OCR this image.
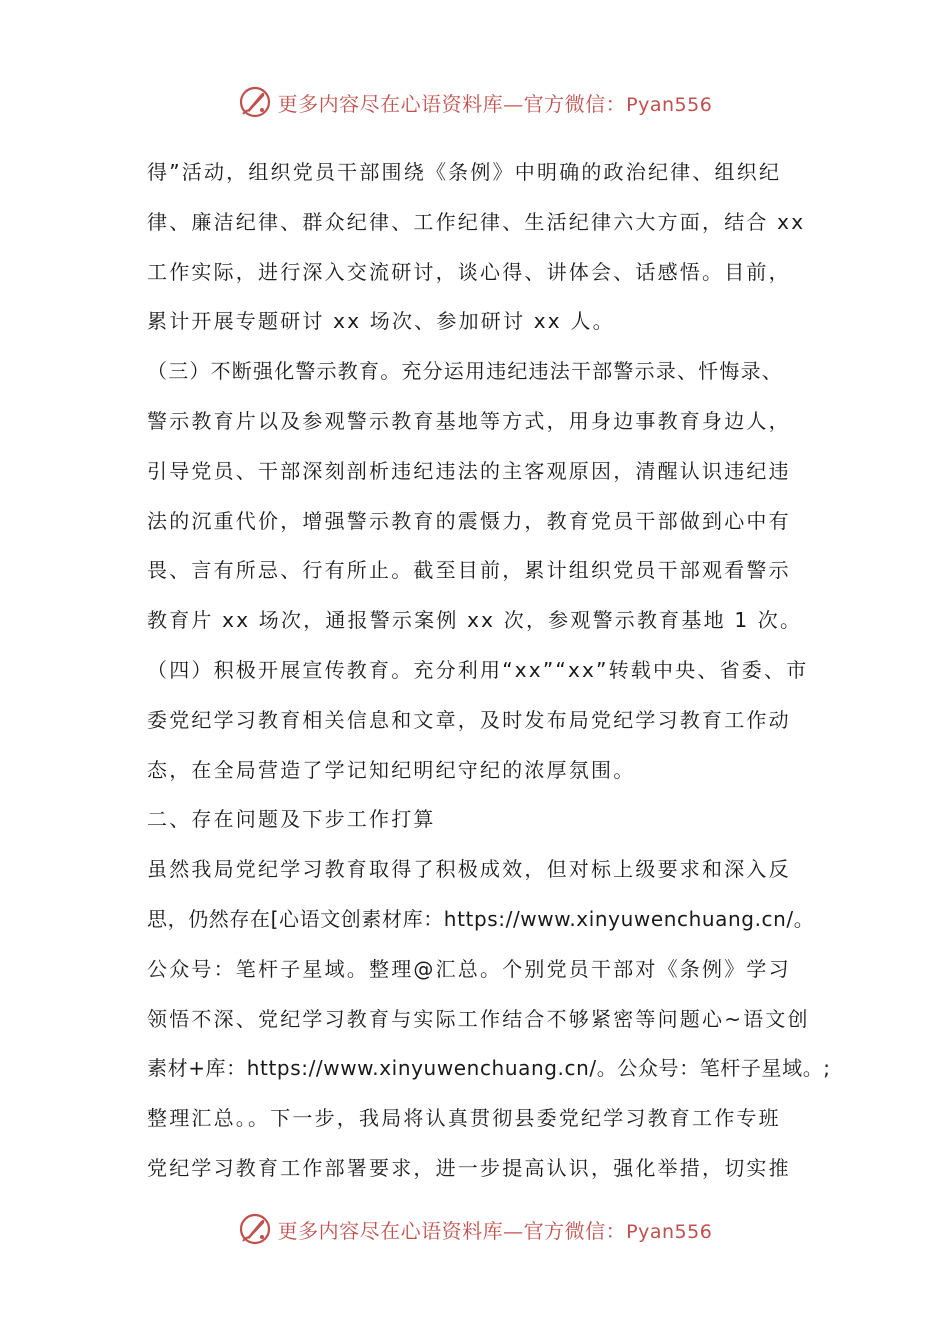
更多内容尽在心语资料库—官方微信：Pyan556
得”活动，组织党员干部围绕《条例》中明确的政治纪律、组织纪
律、廉洁纪律、群众纪律、工作纪律、生活纪律六大方面，结合 xx
工作实际，进行深入交流研讨，谈心得、讲体会、话感悟。目前，
累计开展专题研讨 xx 场次、参加研讨 xx 人。
（三）不断强化警示教育。充分运用违纪违法干部警示录、忏悔录、
警示教育片以及参观警示教育基地等方式，用身边事教育身边人，
引导党员、干部深刻剖析违纪违法的主客观原因，清醒认识违纪违
法的沉重代价，增强警示教育的震慑力，教育党员干部做到心中有
畏、言有所忌、行有所止。截至目前，累计组织党员干部观看警示
教育片 xx 场次，通报警示案例 xx 次，参观警示教育基地 1 次。
（四）积极开展宣传教育。充分利用“xx”“xx”转载中央、省委、市
委党纪学习教育相关信息和文章，及时发布局党纪学习教育工作动
态，在全局营造了学记知纪明纪守纪的浓厚氛围。
二、存在问题及下步工作打算
虽然我局党纪学习教育取得了积极成效，但对标上级要求和深入反
思，仍然存在[心语文创素材库：https://www.xinyuwenchuang.cn/。
公众号：笔杆子星域。整理@汇总。个别党员干部对《条例》学习
领悟不深、党纪学习教育与实际工作结合不够紧密等问题心~语文创
素材+库：https://www.xinyuwenchuang.cn/。公众号：笔杆子星域。;
整理汇总。。下一步，我局将认真贯彻县委党纪学习教育工作专班
党纪学习教育工作部署要求，进一步提高认识，强化举措，切实推
更多内容尽在心语资料库—官方微信：Pyan556
